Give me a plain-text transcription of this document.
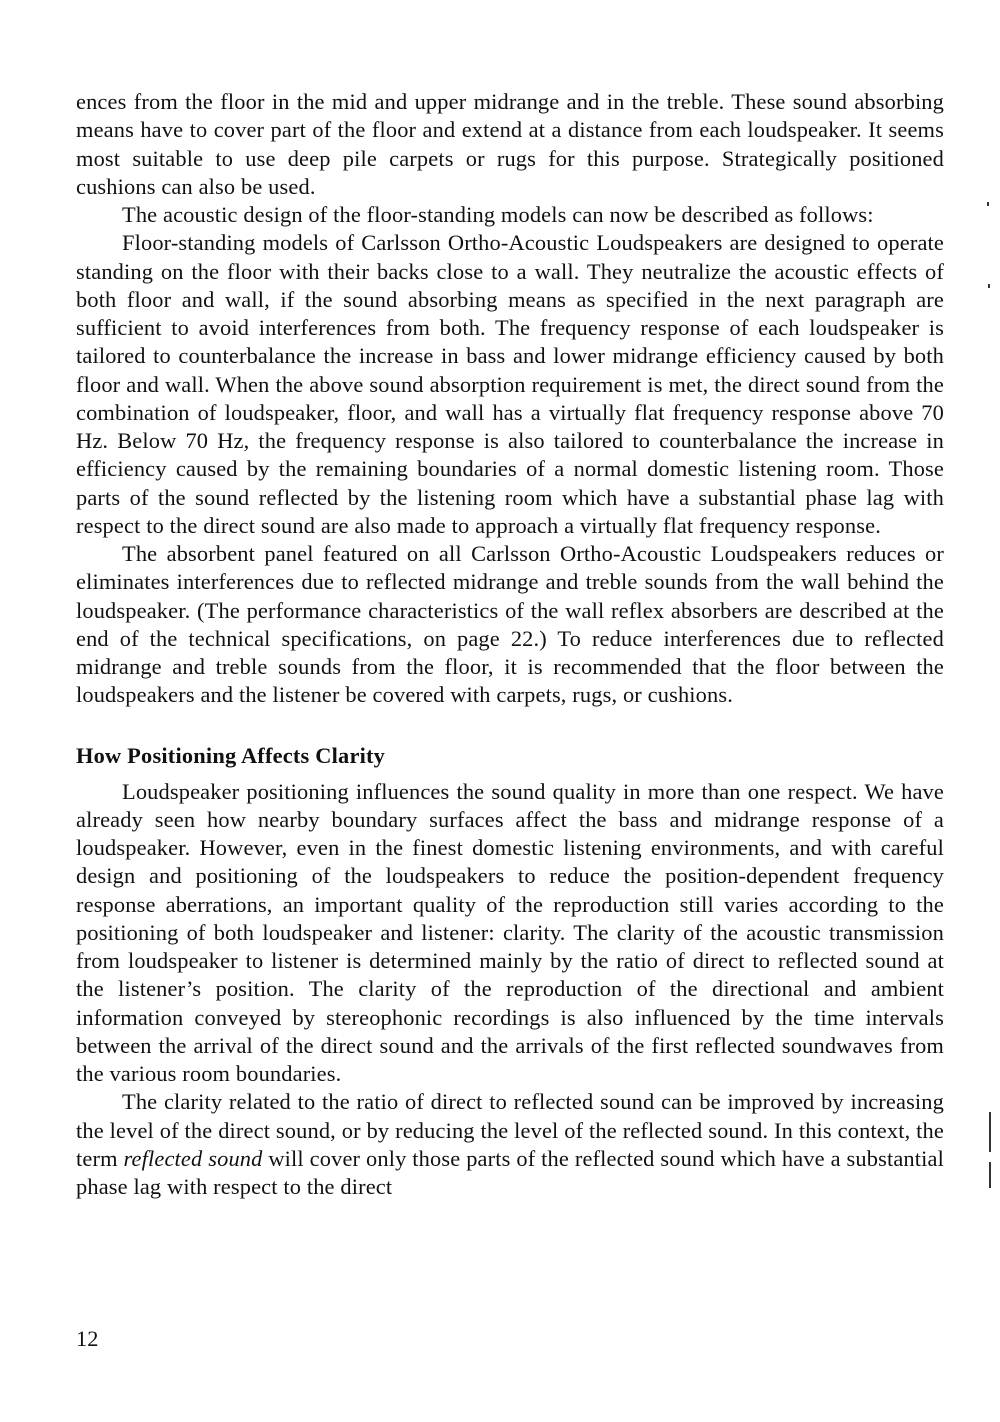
ences from the floor in the mid and upper midrange and in the treble. These sound absorbing means have to cover part of the floor and extend at a distance from each loudspeaker. It seems most suitable to use deep pile carpets or rugs for this purpose. Strategically positioned cushions can also be used.

The acoustic design of the floor-standing models can now be described as follows:

Floor-standing models of Carlsson Ortho-Acoustic Loudspeakers are designed to operate standing on the floor with their backs close to a wall. They neutralize the acoustic effects of both floor and wall, if the sound absorbing means as specified in the next paragraph are sufficient to avoid interferences from both. The frequency response of each loudspeaker is tailored to counterbalance the increase in bass and lower midrange efficiency caused by both floor and wall. When the above sound absorption requirement is met, the direct sound from the combination of loudspeaker, floor, and wall has a virtually flat frequency response above 70 Hz. Below 70 Hz, the frequency response is also tailored to counterbalance the increase in efficiency caused by the remaining boundaries of a normal domestic listening room. Those parts of the sound reflected by the listening room which have a substantial phase lag with respect to the direct sound are also made to approach a virtually flat frequency response.

The absorbent panel featured on all Carlsson Ortho-Acoustic Loudspeakers reduces or eliminates interferences due to reflected midrange and treble sounds from the wall behind the loudspeaker. (The performance characteristics of the wall reflex absorbers are described at the end of the technical specifications, on page 22.) To reduce interferences due to reflected midrange and treble sounds from the floor, it is recommended that the floor between the loudspeakers and the listener be covered with carpets, rugs, or cushions.

How Positioning Affects Clarity

Loudspeaker positioning influences the sound quality in more than one respect. We have already seen how nearby boundary surfaces affect the bass and midrange response of a loudspeaker. However, even in the finest domestic listening environments, and with careful design and positioning of the loudspeakers to reduce the position-dependent frequency response aberrations, an important quality of the reproduction still varies according to the positioning of both loudspeaker and listener: clarity. The clarity of the acoustic transmission from loudspeaker to listener is determined mainly by the ratio of direct to reflected sound at the listener’s position. The clarity of the reproduction of the directional and ambient information conveyed by stereophonic recordings is also influenced by the time intervals between the arrival of the direct sound and the arrivals of the first reflected soundwaves from the various room boundaries.

The clarity related to the ratio of direct to reflected sound can be improved by increasing the level of the direct sound, or by reducing the level of the reflected sound. In this context, the term reflected sound will cover only those parts of the reflected sound which have a substantial phase lag with respect to the direct

12
